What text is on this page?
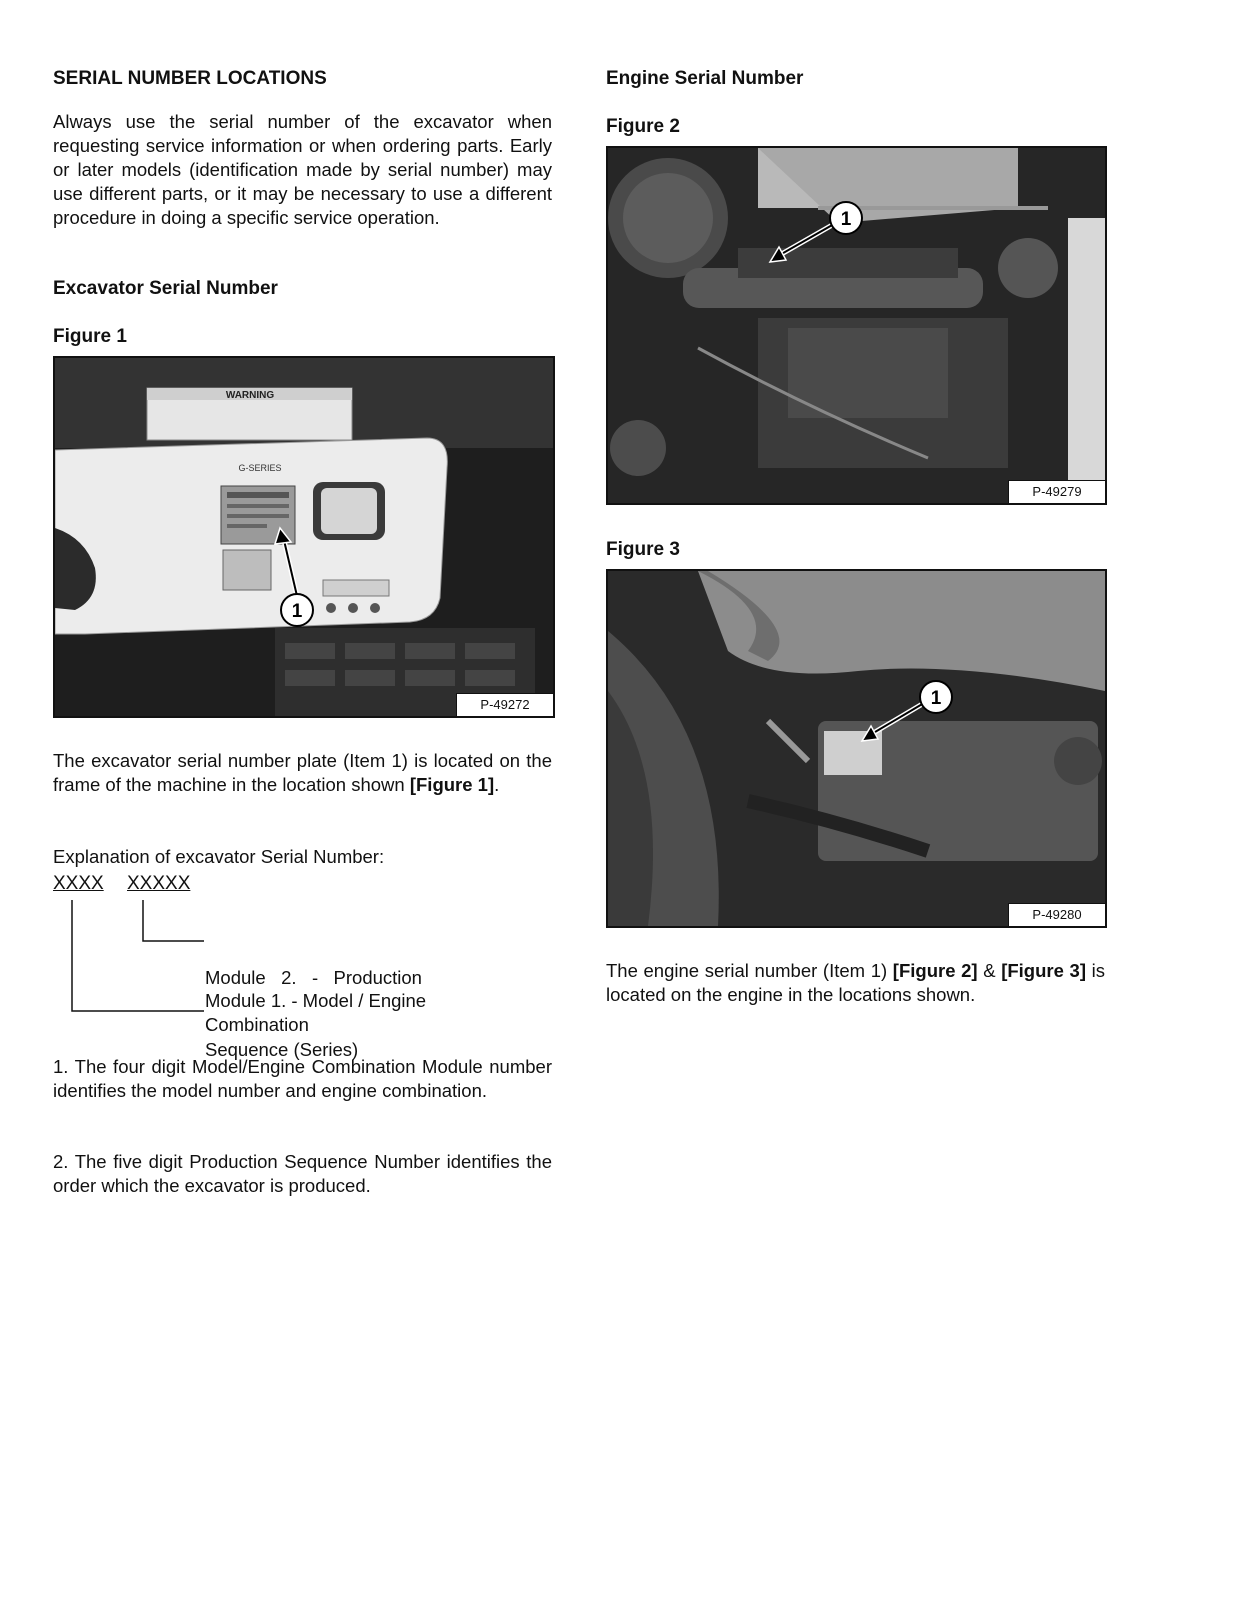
SERIAL NUMBER LOCATIONS

Always use the serial number of the excavator when requesting service information or when ordering parts. Early or later models (identification made by serial number) may use different parts, or it may be necessary to use a different procedure in doing a specific service operation.

Excavator Serial Number
Figure 1
WARNING
G-SERIES
1
P-49272

The excavator serial number plate (Item 1) is located on the frame of the machine in the location shown [Figure 1].

Explanation of excavator Serial Number:

XXXX XXXXX

Module   2.   -   Production

Sequence (Series)

Module 1. - Model / Engine
Combination

1. The four digit Model/Engine Combination Module number identifies the model number and engine combination.

2. The five digit Production Sequence Number identifies the order which the excavator is produced.

Engine Serial Number
Figure 2
1
P-49279
Figure 3
1
P-49280

The engine serial number (Item 1) [Figure 2] & [Figure 3] is located on the engine in the locations shown.
